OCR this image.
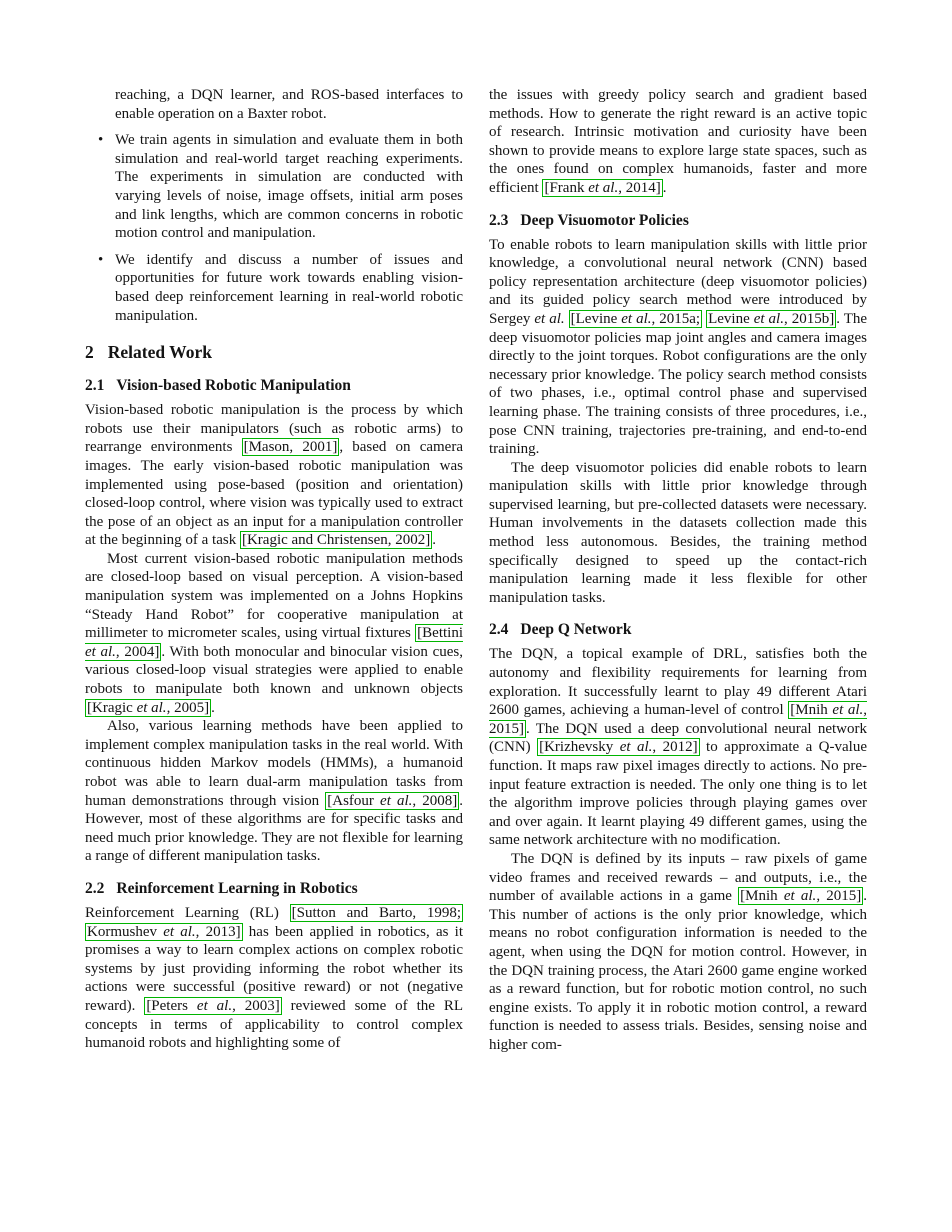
reaching, a DQN learner, and ROS-based interfaces to enable operation on a Baxter robot.

• We train agents in simulation and evaluate them in both simulation and real-world target reaching experiments. The experiments in simulation are conducted with varying levels of noise, image offsets, initial arm poses and link lengths, which are common concerns in robotic motion control and manipulation.
• We identify and discuss a number of issues and opportunities for future work towards enabling vision-based deep reinforcement learning in real-world robotic manipulation.
2 Related Work
2.1 Vision-based Robotic Manipulation

Vision-based robotic manipulation is the process by which robots use their manipulators (such as robotic arms) to rearrange environments [Mason, 2001] , based on camera images. The early vision-based robotic manipulation was implemented using pose-based (position and orientation) closed-loop control, where vision was typically used to extract the pose of an object as an input for a manipulation controller at the beginning of a task [Kragic and Christensen, 2002] .

Most current vision-based robotic manipulation methods are closed-loop based on visual perception. A vision-based manipulation system was implemented on a Johns Hopkins “Steady Hand Robot” for cooperative manipulation at millimeter to micrometer scales, using virtual fixtures [Bettini et al., 2004] . With both monocular and binocular vision cues, various closed-loop visual strategies were applied to enable robots to manipulate both known and unknown objects [Kragic et al., 2005] .

Also, various learning methods have been applied to implement complex manipulation tasks in the real world. With continuous hidden Markov models (HMMs), a humanoid robot was able to learn dual-arm manipulation tasks from human demonstrations through vision [Asfour et al., 2008] . However, most of these algorithms are for specific tasks and need much prior knowledge. They are not flexible for learning a range of different manipulation tasks.

2.2 Reinforcement Learning in Robotics

Reinforcement Learning (RL) [Sutton and Barto, 1998; Kormushev et al., 2013] has been applied in robotics, as it promises a way to learn complex actions on complex robotic systems by just providing informing the robot whether its actions were successful (positive reward) or not (negative reward). [Peters et al., 2003] reviewed some of the RL concepts in terms of applicability to control complex humanoid robots and highlighting some of

the issues with greedy policy search and gradient based methods. How to generate the right reward is an active topic of research. Intrinsic motivation and curiosity have been shown to provide means to explore large state spaces, such as the ones found on complex humanoids, faster and more efficient [Frank et al., 2014] .

2.3 Deep Visuomotor Policies

To enable robots to learn manipulation skills with little prior knowledge, a convolutional neural network (CNN) based policy representation architecture (deep visuomotor policies) and its guided policy search method were introduced by Sergey et al. [Levine et al., 2015a; Levine et al., 2015b] . The deep visuomotor policies map joint angles and camera images directly to the joint torques. Robot configurations are the only necessary prior knowledge. The policy search method consists of two phases, i.e., optimal control phase and supervised learning phase. The training consists of three procedures, i.e., pose CNN training, trajectories pre-training, and end-to-end training.

The deep visuomotor policies did enable robots to learn manipulation skills with little prior knowledge through supervised learning, but pre-collected datasets were necessary. Human involvements in the datasets collection made this method less autonomous. Besides, the training method specifically designed to speed up the contact-rich manipulation learning made it less flexible for other manipulation tasks.

2.4 Deep Q Network

The DQN, a topical example of DRL, satisfies both the autonomy and flexibility requirements for learning from exploration. It successfully learnt to play 49 different Atari 2600 games, achieving a human-level of control [Mnih et al., 2015] . The DQN used a deep convolutional neural network (CNN) [Krizhevsky et al., 2012] to approximate a Q-value function. It maps raw pixel images directly to actions. No pre-input feature extraction is needed. The only one thing is to let the algorithm improve policies through playing games over and over again. It learnt playing 49 different games, using the same network architecture with no modification.

The DQN is defined by its inputs – raw pixels of game video frames and received rewards – and outputs, i.e., the number of available actions in a game [Mnih et al., 2015] . This number of actions is the only prior knowledge, which means no robot configuration information is needed to the agent, when using the DQN for motion control. However, in the DQN training process, the Atari 2600 game engine worked as a reward function, but for robotic motion control, no such engine exists. To apply it in robotic motion control, a reward function is needed to assess trials. Besides, sensing noise and higher com-
